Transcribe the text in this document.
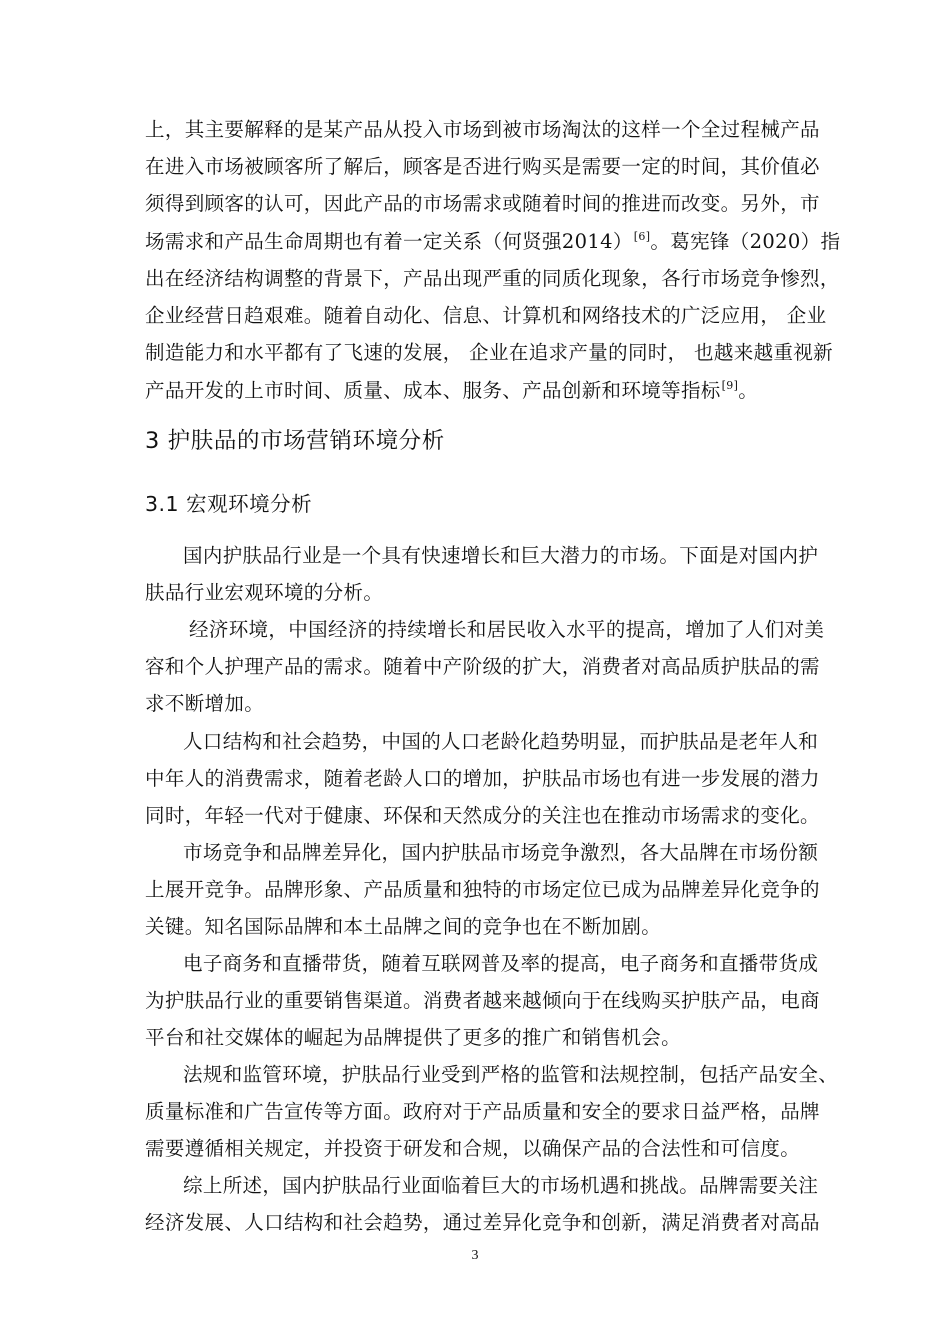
上，其主要解释的是某产品从投入市场到被市场淘汰的这样一个全过程械产品
在进入市场被顾客所了解后，顾客是否进行购买是需要一定的时间，其价值必
须得到顾客的认可，因此产品的市场需求或随着时间的推进而改变。另外，市
场需求和产品生命周期也有着一定关系（何贤强2014）[6]。葛宪锋（2020）指
出在经济结构调整的背景下，产品出现严重的同质化现象，各行市场竞争惨烈，
企业经营日趋艰难。随着自动化、信息、计算机和网络技术的广泛应用， 企业
制造能力和水平都有了飞速的发展， 企业在追求产量的同时， 也越来越重视新
产品开发的上市时间、质量、成本、服务、产品创新和环境等指标[9]。
3 护肤品的市场营销环境分析
3.1 宏观环境分析
国内护肤品行业是一个具有快速增长和巨大潜力的市场。下面是对国内护
肤品行业宏观环境的分析。
经济环境，中国经济的持续增长和居民收入水平的提高，增加了人们对美
容和个人护理产品的需求。随着中产阶级的扩大，消费者对高品质护肤品的需
求不断增加。
人口结构和社会趋势，中国的人口老龄化趋势明显，而护肤品是老年人和
中年人的消费需求，随着老龄人口的增加，护肤品市场也有进一步发展的潜力
同时，年轻一代对于健康、环保和天然成分的关注也在推动市场需求的变化。
市场竞争和品牌差异化，国内护肤品市场竞争激烈，各大品牌在市场份额
上展开竞争。品牌形象、产品质量和独特的市场定位已成为品牌差异化竞争的
关键。知名国际品牌和本土品牌之间的竞争也在不断加剧。
电子商务和直播带货，随着互联网普及率的提高，电子商务和直播带货成
为护肤品行业的重要销售渠道。消费者越来越倾向于在线购买护肤产品，电商
平台和社交媒体的崛起为品牌提供了更多的推广和销售机会。
法规和监管环境，护肤品行业受到严格的监管和法规控制，包括产品安全、
质量标准和广告宣传等方面。政府对于产品质量和安全的要求日益严格，品牌
需要遵循相关规定，并投资于研发和合规，以确保产品的合法性和可信度。
综上所述，国内护肤品行业面临着巨大的市场机遇和挑战。品牌需要关注
经济发展、人口结构和社会趋势，通过差异化竞争和创新，满足消费者对高品
3
